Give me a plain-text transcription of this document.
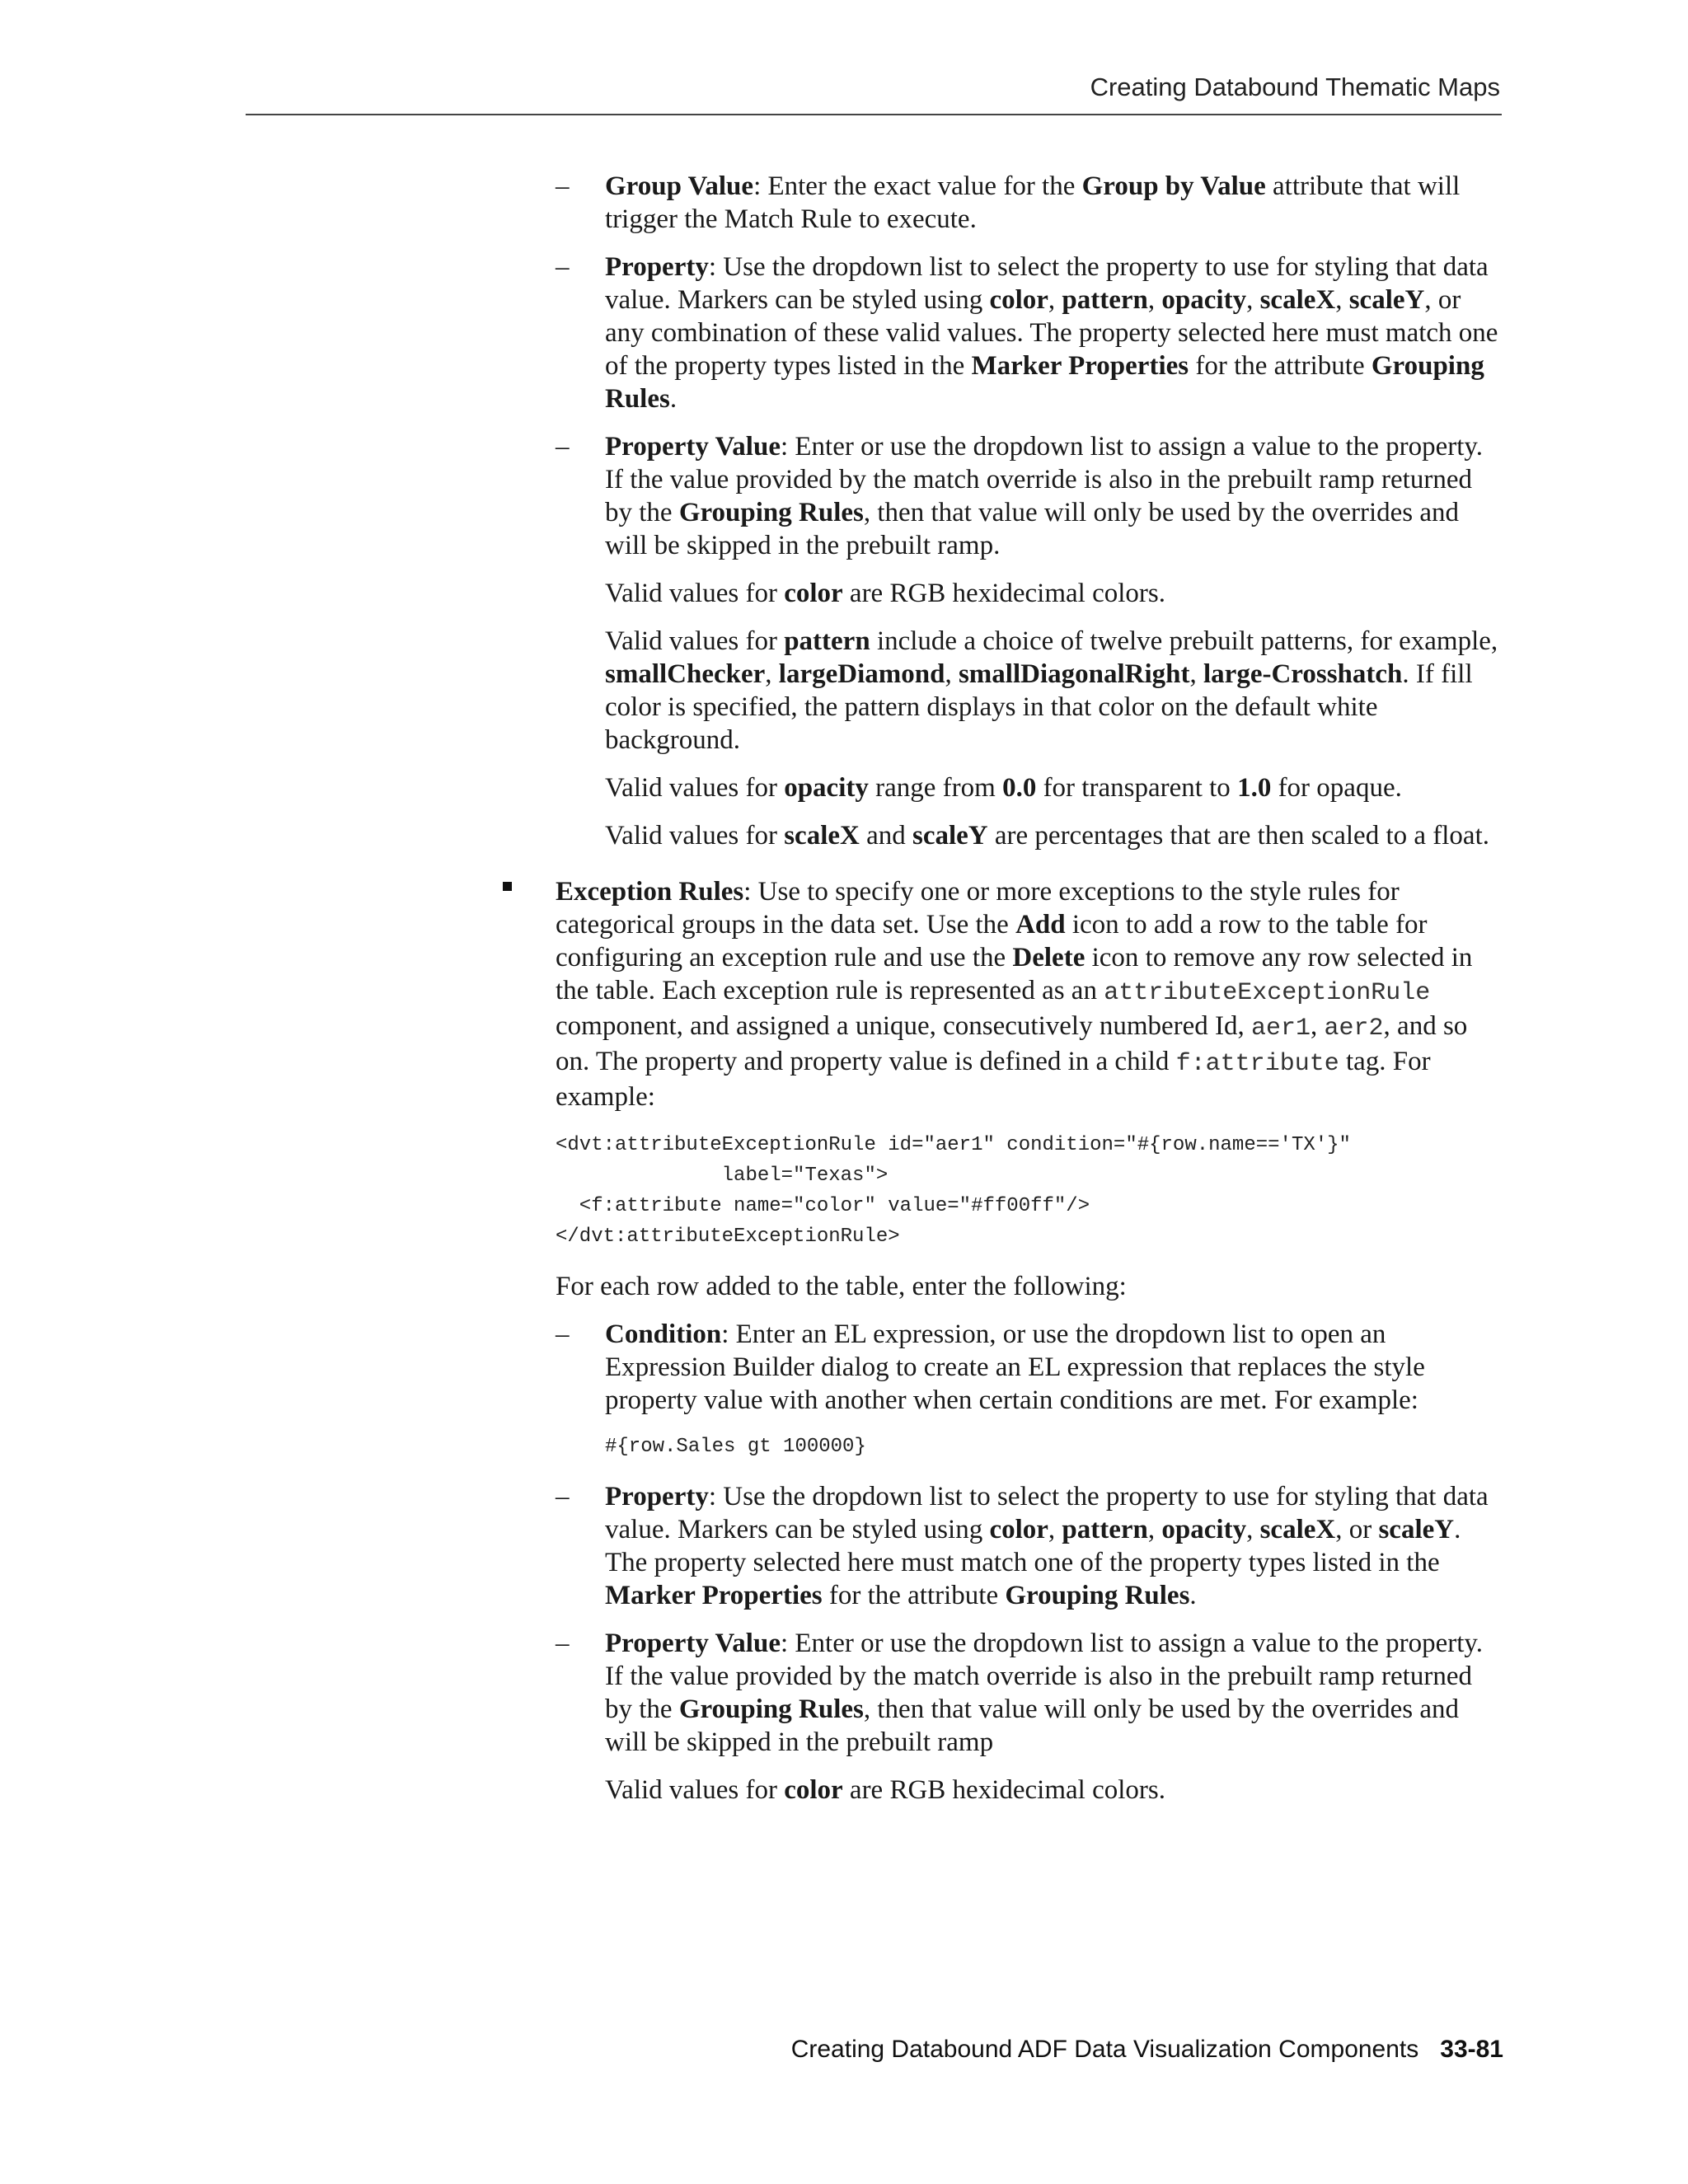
Creating Databound Thematic Maps
– Group Value: Enter the exact value for the Group by Value attribute that will trigger the Match Rule to execute.
– Property: Use the dropdown list to select the property to use for styling that data value. Markers can be styled using color, pattern, opacity, scaleX, scaleY, or any combination of these valid values. The property selected here must match one of the property types listed in the Marker Properties for the attribute Grouping Rules.
– Property Value: Enter or use the dropdown list to assign a value to the property. If the value provided by the match override is also in the prebuilt ramp returned by the Grouping Rules, then that value will only be used by the overrides and will be skipped in the prebuilt ramp.
Valid values for color are RGB hexidecimal colors.
Valid values for pattern include a choice of twelve prebuilt patterns, for example, smallChecker, largeDiamond, smallDiagonalRight, large-Crosshatch. If fill color is specified, the pattern displays in that color on the default white background.
Valid values for opacity range from 0.0 for transparent to 1.0 for opaque.
Valid values for scaleX and scaleY are percentages that are then scaled to a float.
Exception Rules: Use to specify one or more exceptions to the style rules for categorical groups in the data set. Use the Add icon to add a row to the table for configuring an exception rule and use the Delete icon to remove any row selected in the table. Each exception rule is represented as an attributeExceptionRule component, and assigned a unique, consecutively numbered Id, aer1, aer2, and so on. The property and property value is defined in a child f:attribute tag. For example:
<dvt:attributeExceptionRule id="aer1" condition="#{row.name=='TX'}"
label="Texas">
<f:attribute name="color" value="#ff00ff"/>
</dvt:attributeExceptionRule>
For each row added to the table, enter the following:
– Condition: Enter an EL expression, or use the dropdown list to open an Expression Builder dialog to create an EL expression that replaces the style property value with another when certain conditions are met. For example:
#{row.Sales gt 100000}
– Property: Use the dropdown list to select the property to use for styling that data value. Markers can be styled using color, pattern, opacity, scaleX, or scaleY. The property selected here must match one of the property types listed in the Marker Properties for the attribute Grouping Rules.
– Property Value: Enter or use the dropdown list to assign a value to the property. If the value provided by the match override is also in the prebuilt ramp returned by the Grouping Rules, then that value will only be used by the overrides and will be skipped in the prebuilt ramp
Valid values for color are RGB hexidecimal colors.
Creating Databound ADF Data Visualization Components 33-81
